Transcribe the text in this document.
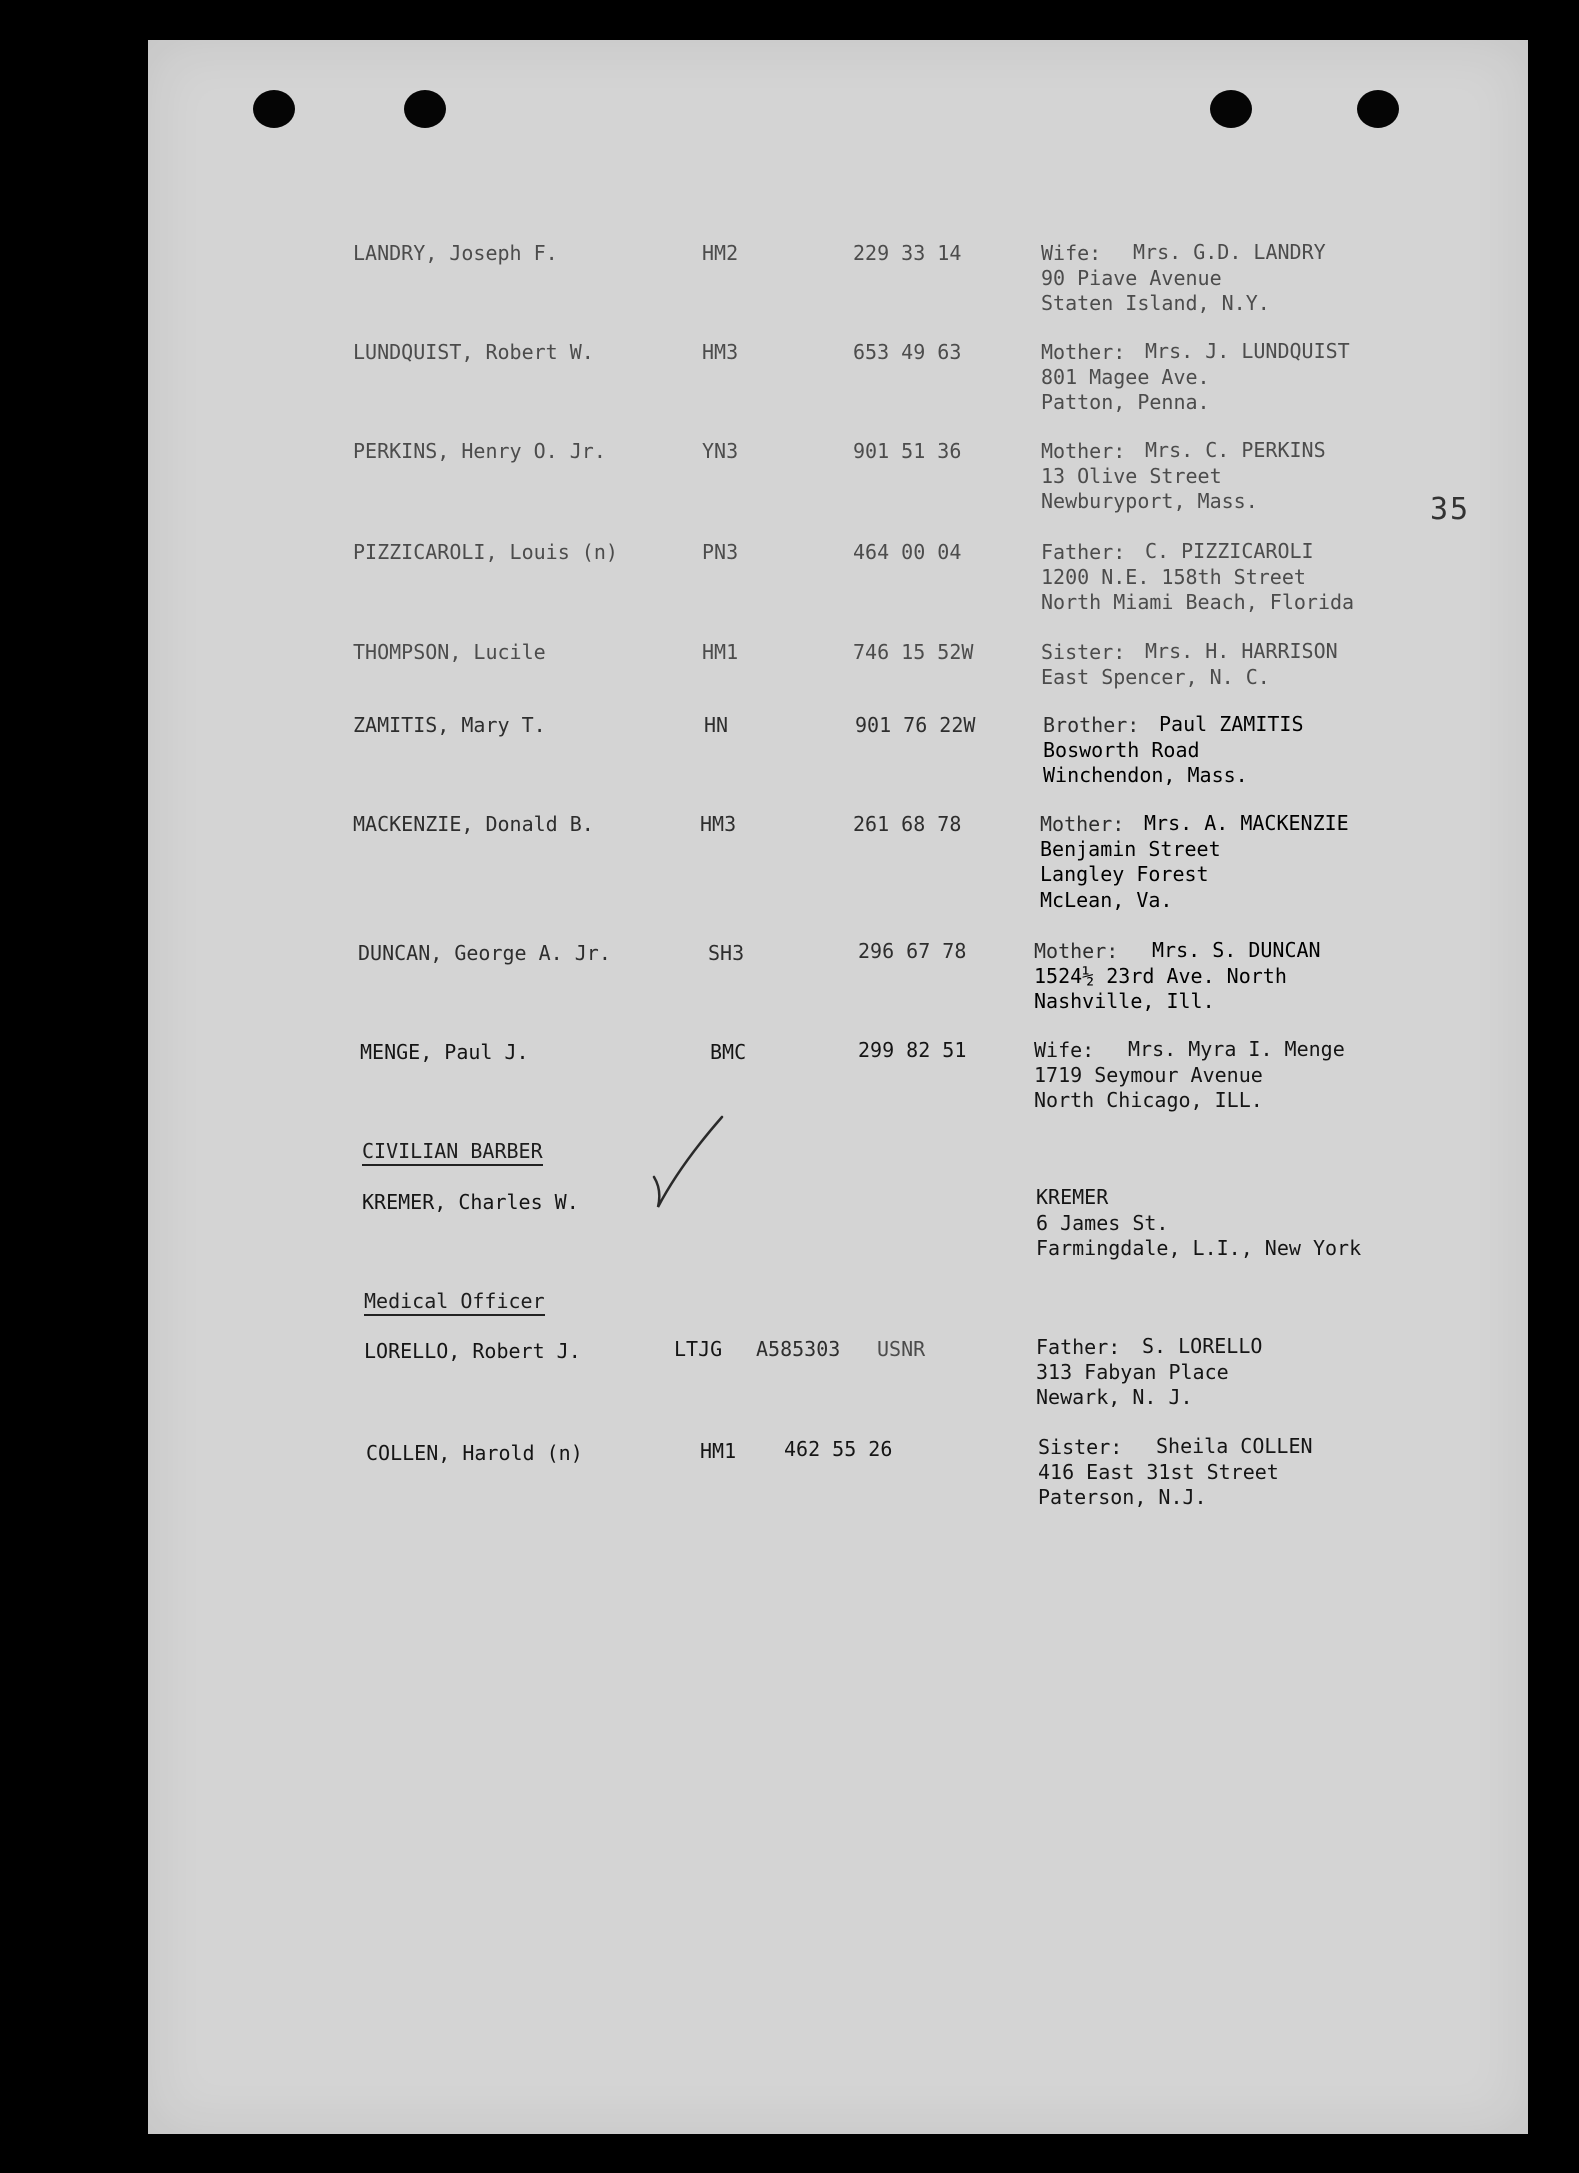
35
LANDRY, Joseph F.	HM2	229 33 14	Wife:	Mrs. G.D. LANDRY
90 Piave Avenue
Staten Island, N.Y.
LUNDQUIST, Robert W.	HM3	653 49 63	Mother: Mrs. J. LUNDQUIST
801 Magee Ave.
Patton, Penna.
PERKINS, Henry O. Jr.	YN3	901 51 36	Mother: Mrs. C. PERKINS
13 Olive Street
Newburyport, Mass.
PIZZICAROLI, Louis (n)	PN3	464 00 04	Father: C. PIZZICAROLI
1200 N.E. 158th Street
North Miami Beach, Florida
THOMPSON, Lucile	HM1	746 15 52W	Sister: Mrs. H. HARRISON
East Spencer, N. C.
ZAMITIS, Mary T.	HN	901 76 22W	Brother: Paul ZAMITIS
Bosworth Road
Winchendon, Mass.
MACKENZIE, Donald B.	HM3	261 68 78	Mother: Mrs. A. MACKENZIE
Benjamin Street
Langley Forest
McLean, Va.
DUNCAN, George A. Jr.	SH3	296 67 78	Mother:	Mrs. S. DUNCAN
1524½ 23rd Ave. North
Nashville, Ill.
MENGE, Paul J.	BMC	299 82 51	Wife:	Mrs. Myra I. Menge
1719 Seymour Avenue
North Chicago, ILL.
CIVILIAN BARBER
KREMER, Charles W.	KREMER
6 James St.
Farmingdale, L.I., New York
Medical Officer
LORELLO, Robert J.	LTJG A585303 USNR	Father:	S. LORELLO
313 Fabyan Place
Newark, N. J.
COLLEN, Harold (n)	HM1 462 55 26	Sister:	Sheila COLLEN
416 East 31st Street
Paterson, N.J.
